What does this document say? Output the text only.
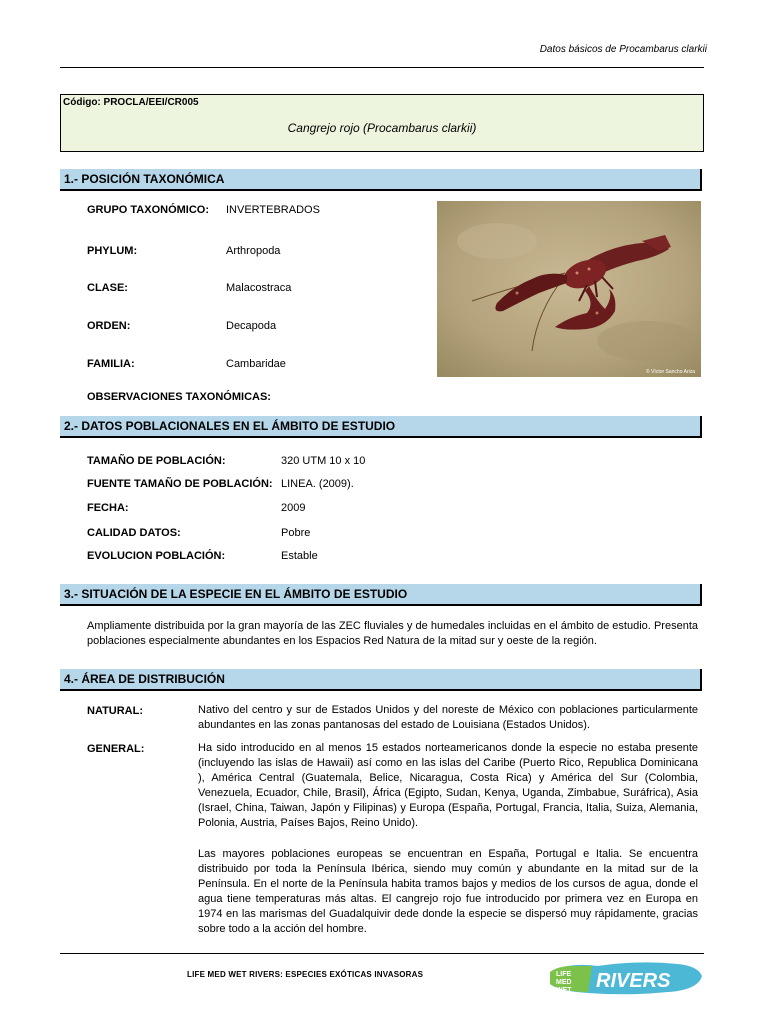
Datos básicos de Procambarus clarkii
Código: PROCLA/EEI/CR005
Cangrejo rojo (Procambarus clarkii)
1.- POSICIÓN TAXONÓMICA
GRUPO TAXONÓMICO: INVERTEBRADOS
PHYLUM:	Arthropoda
CLASE:	Malacostraca
ORDEN:	Decapoda
FAMILIA:	Cambaridae
OBSERVACIONES TAXONÓMICAS:
© Víctor Sancho Ariza
2.- DATOS POBLACIONALES EN EL ÁMBITO DE ESTUDIO
TAMAÑO DE POBLACIÓN:	320 UTM 10 x 10
FUENTE TAMAÑO DE POBLACIÓN: LINEA. (2009).
FECHA:	2009
CALIDAD DATOS:	Pobre
EVOLUCION POBLACIÓN:	Estable
3.- SITUACIÓN DE LA ESPECIE EN EL ÁMBITO DE ESTUDIO
Ampliamente distribuida por la gran mayoría de las ZEC fluviales y de humedales incluidas en el ámbito de estudio. Presenta poblaciones especialmente abundantes en los Espacios Red Natura de la mitad sur y oeste de la región.
4.- ÁREA DE DISTRIBUCIÓN
NATURAL:	Nativo del centro y sur de Estados Unidos y del noreste de México con poblaciones particularmente abundantes en las zonas pantanosas del estado de Louisiana (Estados Unidos).
GENERAL:	Ha sido introducido en al menos 15 estados norteamericanos donde la especie no estaba presente (incluyendo las islas de Hawaii) así como en las islas del Caribe (Puerto Rico, Republica Dominicana ), América Central (Guatemala, Belice, Nicaragua, Costa Rica) y América del Sur (Colombia, Venezuela, Ecuador, Chile, Brasil), África (Egipto, Sudan, Kenya, Uganda, Zimbabue, Suráfrica), Asia (Israel, China, Taiwan, Japón y Filipinas) y Europa (España, Portugal, Francia, Italia, Suiza, Alemania, Polonia, Austria, Países Bajos, Reino Unido).
Las mayores poblaciones europeas se encuentran en España, Portugal e Italia. Se encuentra distribuido por toda la Península Ibérica, siendo muy común y abundante en la mitad sur de la Península. En el norte de la Península habita tramos bajos y medios de los cursos de agua, donde el agua tiene temperaturas más altas. El cangrejo rojo fue introducido por primera vez en Europa en 1974 en las marismas del Guadalquivir dede donde la especie se dispersó muy rápidamente, gracias sobre todo a la acción del hombre.
LIFE MED WET RIVERS: ESPECIES EXÓTICAS INVASORAS	LIFE
MED
WET RIVERS
